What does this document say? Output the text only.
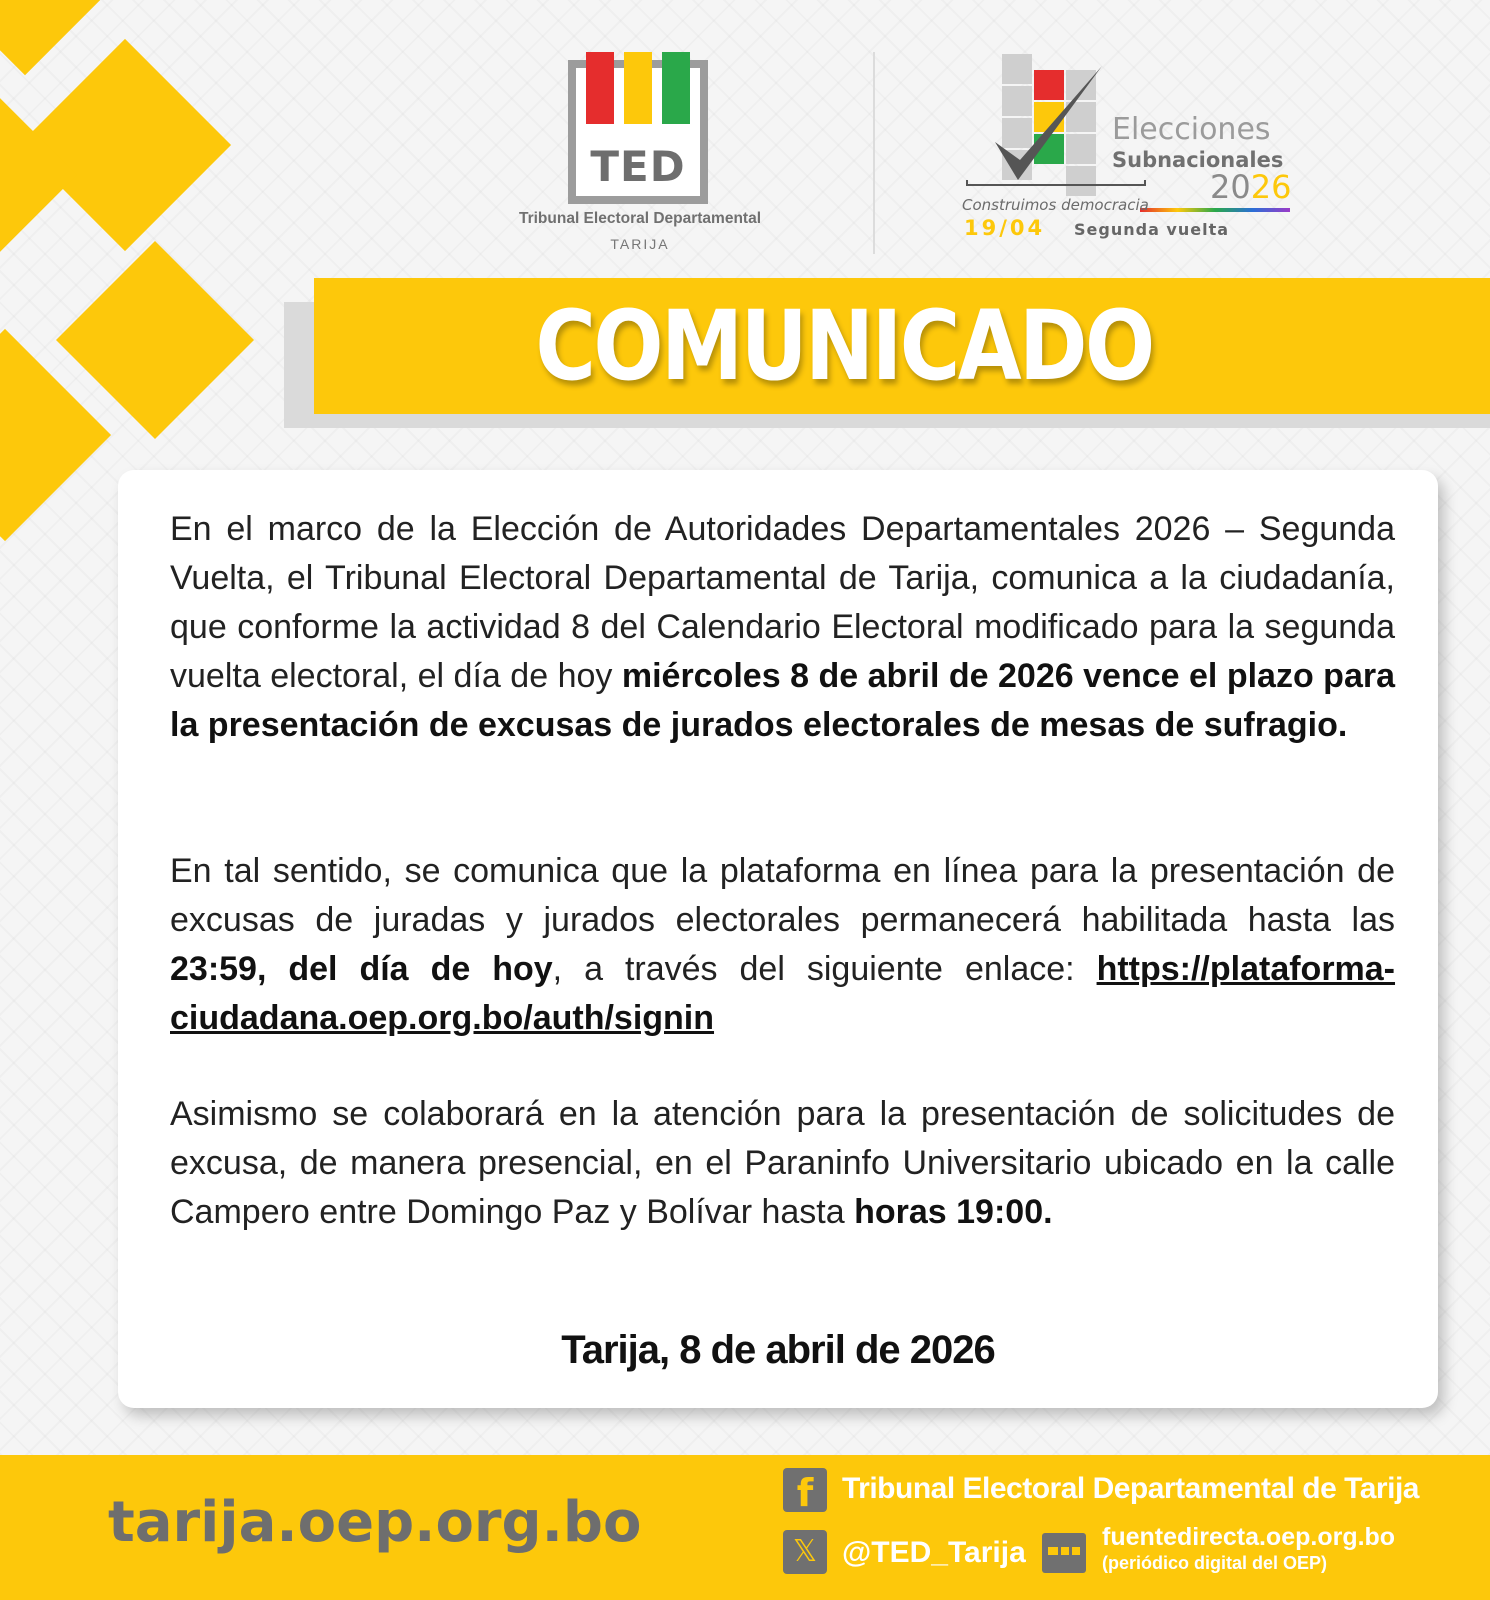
TED
Tribunal Electoral Departamental
TARIJA
Elecciones
Subnacionales
2026
Construimos democracia
19/04 Segunda vuelta
COMUNICADO

En el marco de la Elección de Autoridades Departamentales 2026 – Segunda Vuelta, el Tribunal Electoral Departamental de Tarija, comunica a la ciudadanía, que conforme la actividad 8 del Calendario Electoral modificado para la segunda vuelta electoral, el día de hoy miércoles 8 de abril de 2026 vence el plazo para la presentación de excusas de jurados electorales de mesas de sufragio.

En tal sentido, se comunica que la plataforma en línea para la presentación de excusas de juradas y jurados electorales permanecerá habilitada hasta las 23:59, del día de hoy, a través del siguiente enlace: https://plataforma-ciudadana.oep.org.bo/auth/signin

Asimismo se colaborará en la atención para la presentación de solicitudes de excusa, de manera presencial, en el Paraninfo Universitario ubicado en la calle Campero entre Domingo Paz y Bolívar hasta horas 19:00.

Tarija, 8 de abril de 2026
tarija.oep.org.bo	f Tribunal Electoral Departamental de Tarija
𝕏 @TED_Tarija	fuentedirecta.oep.org.bo
(periódico digital del OEP)
